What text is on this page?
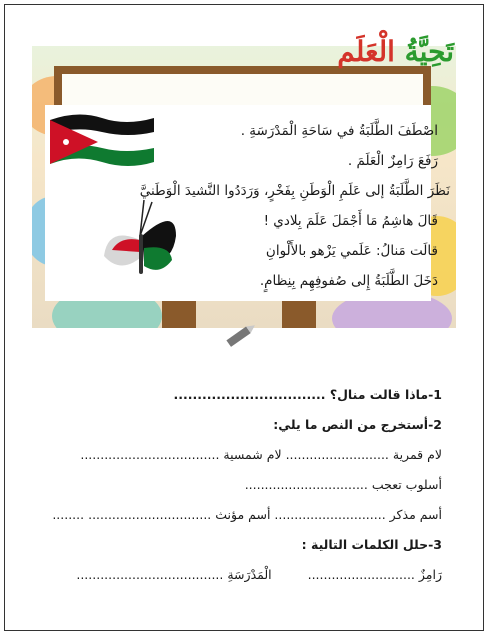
تَحِيَّةُ الْعَلَم
اصْطَفَ الطَّلَبَةُ في سَاحَةِ الْمَدْرَسَةِ .
رَفَعَ رَامِزٌ الْعَلَمَ .
نَظَرَ الطَّلَبَةُ إلى عَلَمِ الْوَطَنِ بِفَخْرٍ، وَرَدَدُوا النَّشيدَ الْوَطَنيَّ
قَالَ هاشِمُ مَا أَجْمَلَ عَلَمَ بِلادي !
قالَت مَنالُ: عَلَمي يَزْهو بالأَلْوانِ
دَخَلَ الطَّلَبَةُ إِلى صُفوفِهِم بِنِظامٍ.
1-ماذا قالت منال؟ ................................
2-أستخرج من النص ما يلي:
لام قمرية .......................... لام شمسية ...................................
أسلوب تعجب ...............................
أسم مذكر ............................ أسم مؤنث ............................... ........
3-حلل الكلمات التالية :
رَامِزٌ ...........................  الْمَدْرَسَةِ .....................................
